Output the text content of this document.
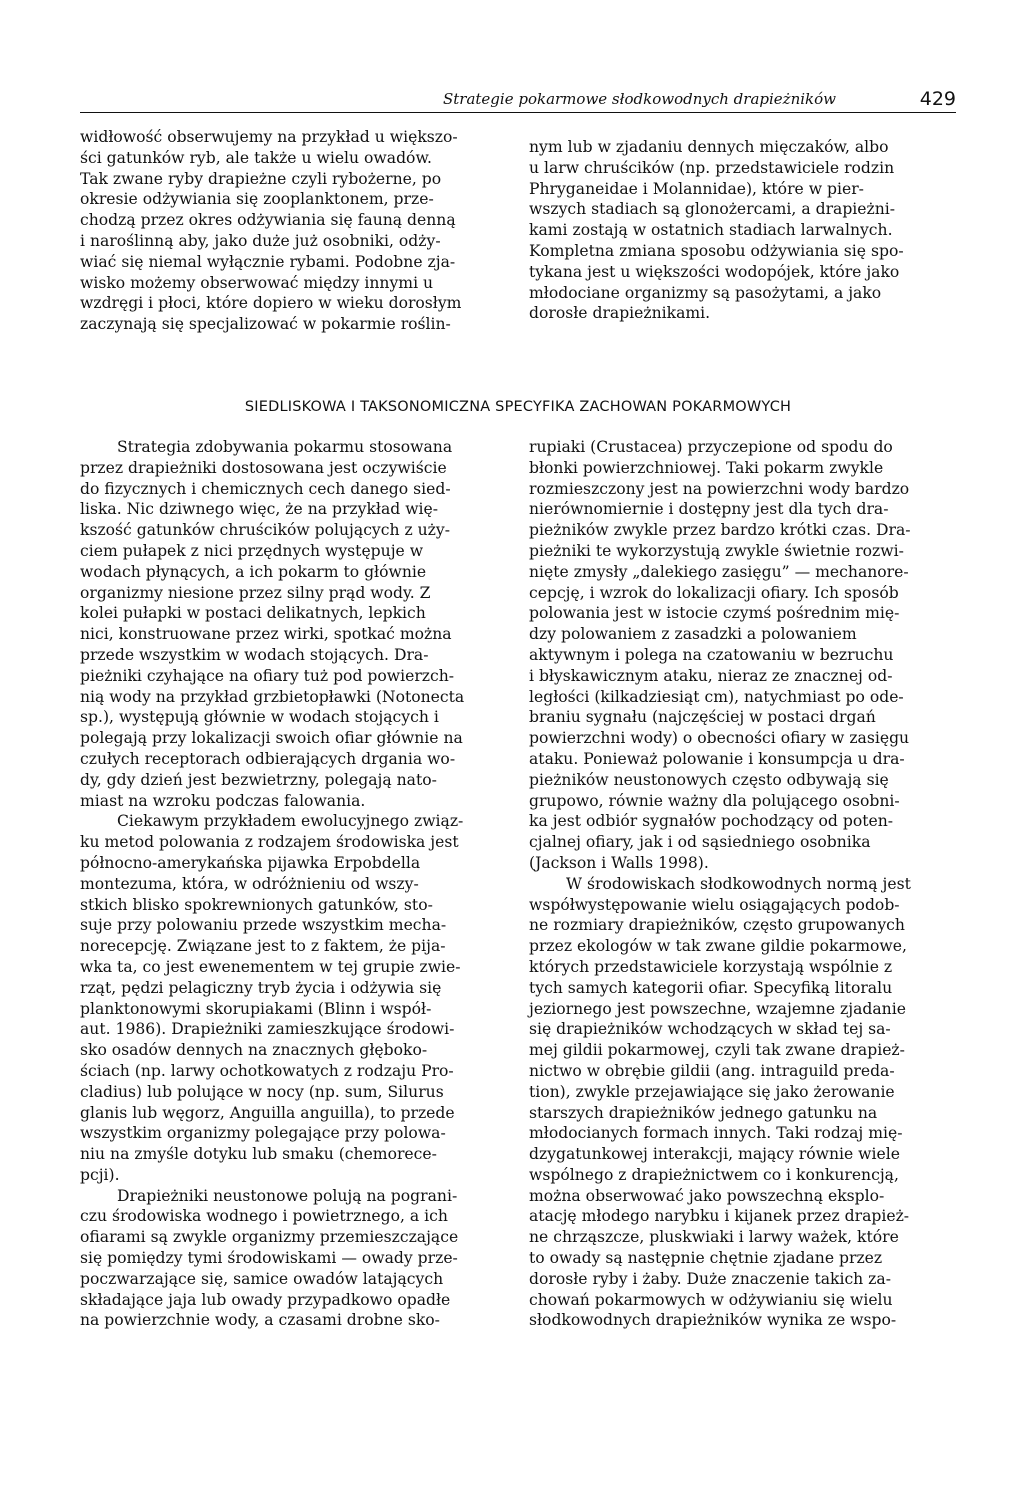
Strategie pokarmowe słodkowodnych drapieżników	429

widłowość obserwujemy na przykład u większo-
ści gatunków ryb, ale także u wielu owadów.
Tak zwane ryby drapieżne czyli rybożerne, po
okresie odżywiania się zooplanktonem, prze-
chodzą przez okres odżywiania się fauną denną
i naroślinną aby, jako duże już osobniki, odży-
wiać się niemal wyłącznie rybami. Podobne zja-
wisko możemy obserwować między innymi u
wzdręgi i płoci, które dopiero w wieku dorosłym
zaczynają się specjalizować w pokarmie roślin-

nym lub w zjadaniu dennych mięczaków, albo
u larw chruścików (np. przedstawiciele rodzin
Phryganeidae i Molannidae), które w pier-
wszych stadiach są glonożercami, a drapieżni-
kami zostają w ostatnich stadiach larwalnych.
Kompletna zmiana sposobu odżywiania się spo-
tykana jest u większości wodopójek, które jako
młodociane organizmy są pasożytami, a jako
dorosłe drapieżnikami.

SIEDLISKOWA I TAKSONOMICZNA SPECYFIKA ZACHOWAN POKARMOWYCH

Strategia zdobywania pokarmu stosowana
przez drapieżniki dostosowana jest oczywiście
do fizycznych i chemicznych cech danego sied-
liska. Nic dziwnego więc, że na przykład wię-
kszość gatunków chruścików polujących z uży-
ciem pułapek z nici przędnych występuje w
wodach płynących, a ich pokarm to głównie
organizmy niesione przez silny prąd wody. Z
kolei pułapki w postaci delikatnych, lepkich
nici, konstruowane przez wirki, spotkać można
przede wszystkim w wodach stojących. Dra-
pieżniki czyhające na ofiary tuż pod powierzch-
nią wody na przykład grzbietopławki (Notonecta
sp.), występują głównie w wodach stojących i
polegają przy lokalizacji swoich ofiar głównie na
czułych receptorach odbierających drgania wo-
dy, gdy dzień jest bezwietrzny, polegają nato-
miast na wzroku podczas falowania.

Ciekawym przykładem ewolucyjnego związ-
ku metod polowania z rodzajem środowiska jest
północno-amerykańska pijawka Erpobdella
montezuma, która, w odróżnieniu od wszy-
stkich blisko spokrewnionych gatunków, sto-
suje przy polowaniu przede wszystkim mecha-
norecepcję. Związane jest to z faktem, że pija-
wka ta, co jest ewenementem w tej grupie zwie-
rząt, pędzi pelagiczny tryb życia i odżywia się
planktonowymi skorupiakami (Blinn i współ-
aut. 1986). Drapieżniki zamieszkujące środowi-
sko osadów dennych na znacznych głęboko-
ściach (np. larwy ochotkowatych z rodzaju Pro-
cladius) lub polujące w nocy (np. sum, Silurus
glanis lub węgorz, Anguilla anguilla), to przede
wszystkim organizmy polegające przy polowa-
niu na zmyśle dotyku lub smaku (chemorece-
pcji).

Drapieżniki neustonowe polują na pograni-
czu środowiska wodnego i powietrznego, a ich
ofiarami są zwykle organizmy przemieszczające
się pomiędzy tymi środowiskami — owady prze-
poczwarzające się, samice owadów latających
składające jaja lub owady przypadkowo opadłe
na powierzchnie wody, a czasami drobne sko-

rupiaki (Crustacea) przyczepione od spodu do
błonki powierzchniowej. Taki pokarm zwykle
rozmieszczony jest na powierzchni wody bardzo
nierównomiernie i dostępny jest dla tych dra-
pieżników zwykle przez bardzo krótki czas. Dra-
pieżniki te wykorzystują zwykle świetnie rozwi-
nięte zmysły „dalekiego zasięgu” — mechanore-
cepcję, i wzrok do lokalizacji ofiary. Ich sposób
polowania jest w istocie czymś pośrednim mię-
dzy polowaniem z zasadzki a polowaniem
aktywnym i polega na czatowaniu w bezruchu
i błyskawicznym ataku, nieraz ze znacznej od-
ległości (kilkadziesiąt cm), natychmiast po ode-
braniu sygnału (najczęściej w postaci drgań
powierzchni wody) o obecności ofiary w zasięgu
ataku. Ponieważ polowanie i konsumpcja u dra-
pieżników neustonowych często odbywają się
grupowo, równie ważny dla polującego osobni-
ka jest odbiór sygnałów pochodzący od poten-
cjalnej ofiary, jak i od sąsiedniego osobnika
(Jackson i Walls 1998).

W środowiskach słodkowodnych normą jest
współwystępowanie wielu osiągających podob-
ne rozmiary drapieżników, często grupowanych
przez ekologów w tak zwane gildie pokarmowe,
których przedstawiciele korzystają wspólnie z
tych samych kategorii ofiar. Specyfiką litoralu
jeziornego jest powszechne, wzajemne zjadanie
się drapieżników wchodzących w skład tej sa-
mej gildii pokarmowej, czyli tak zwane drapież-
nictwo w obrębie gildii (ang. intraguild preda-
tion), zwykle przejawiające się jako żerowanie
starszych drapieżników jednego gatunku na
młodocianych formach innych. Taki rodzaj mię-
dzygatunkowej interakcji, mający równie wiele
wspólnego z drapieżnictwem co i konkurencją,
można obserwować jako powszechną eksplo-
atację młodego narybku i kijanek przez drapież-
ne chrząszcze, pluskwiaki i larwy ważek, które
to owady są następnie chętnie zjadane przez
dorosłe ryby i żaby. Duże znaczenie takich za-
chowań pokarmowych w odżywianiu się wielu
słodkowodnych drapieżników wynika ze wspo-
